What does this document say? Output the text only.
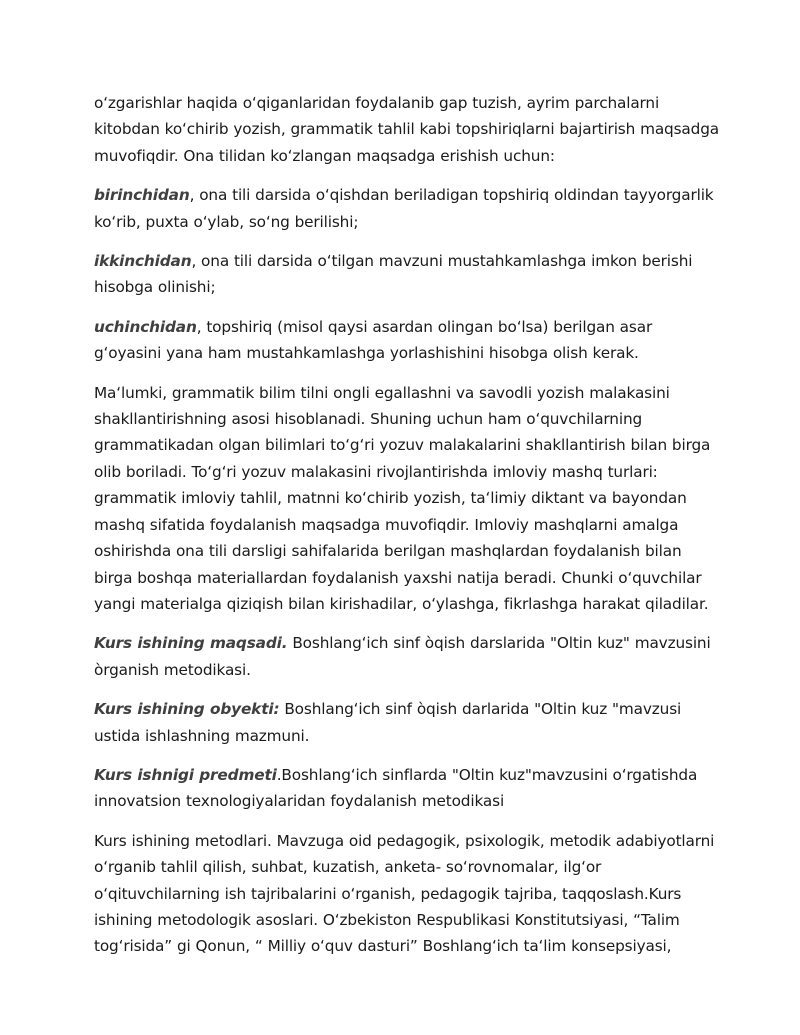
oʻzgarishlar haqida oʻqiganlaridan foydalanib gap tuzish, ayrim parchalarni kitobdan koʻchirib yozish, grammatik tahlil kabi topshiriqlarni bajartirish maqsadga muvofiqdir. Ona tilidan koʻzlangan maqsadga erishish uchun:

birinchidan, ona tili darsida oʻqishdan beriladigan topshiriq oldindan tayyorgarlik koʻrib, puxta oʻylab, soʻng berilishi;

ikkinchidan, ona tili darsida oʻtilgan mavzuni mustahkamlashga imkon berishi hisobga olinishi;

uchinchidan, topshiriq (misol qaysi asardan olingan boʻlsa) berilgan asar gʻoyasini yana ham mustahkamlashga yorlashishini hisobga olish kerak.

Maʻlumki, grammatik bilim tilni ongli egallashni va savodli yozish malakasini shakllantirishning asosi hisoblanadi. Shuning uchun ham oʻquvchilarning grammatikadan olgan bilimlari toʻgʻri yozuv malakalarini shakllantirish bilan birga olib boriladi. Toʻgʻri yozuv malakasini rivojlantirishda imloviy mashq turlari: grammatik imloviy tahlil, matnni koʻchirib yozish, taʻlimiy diktant va bayondan mashq sifatida foydalanish maqsadga muvofiqdir. Imloviy mashqlarni amalga oshirishda ona tili darsligi sahifalarida berilgan mashqlardan foydalanish bilan birga boshqa materiallardan foydalanish yaxshi natija beradi. Chunki oʻquvchilar yangi materialga qiziqish bilan kirishadilar, oʻylashga, fikrlashga harakat qiladilar.

Kurs ishining maqsadi. Boshlangʻich sinf òqish darslarida "Oltin kuz" mavzusini òrganish metodikasi.

Kurs ishining obyekti: Boshlangʻich sinf òqish darlarida "Oltin kuz "mavzusi ustida ishlashning mazmuni.

Kurs ishnigi predmeti.Boshlangʻich sinflarda "Oltin kuz"mavzusini oʻrgatishda innovatsion texnologiyalaridan foydalanish metodikasi

Kurs ishining metodlari. Mavzuga oid pedagogik, psixologik, metodik adabiyotlarni oʻrganib tahlil qilish, suhbat, kuzatish, anketa- soʻrovnomalar, ilgʻor oʻqituvchilarning ish tajribalarini oʻrganish, pedagogik tajriba, taqqoslash.Kurs ishining metodologik asoslari. Oʻzbekiston Respublikasi Konstitutsiyasi, “Talim togʻrisida” gi Qonun, “ Milliy oʻquv dasturi” Boshlangʻich taʻlim konsepsiyasi,
